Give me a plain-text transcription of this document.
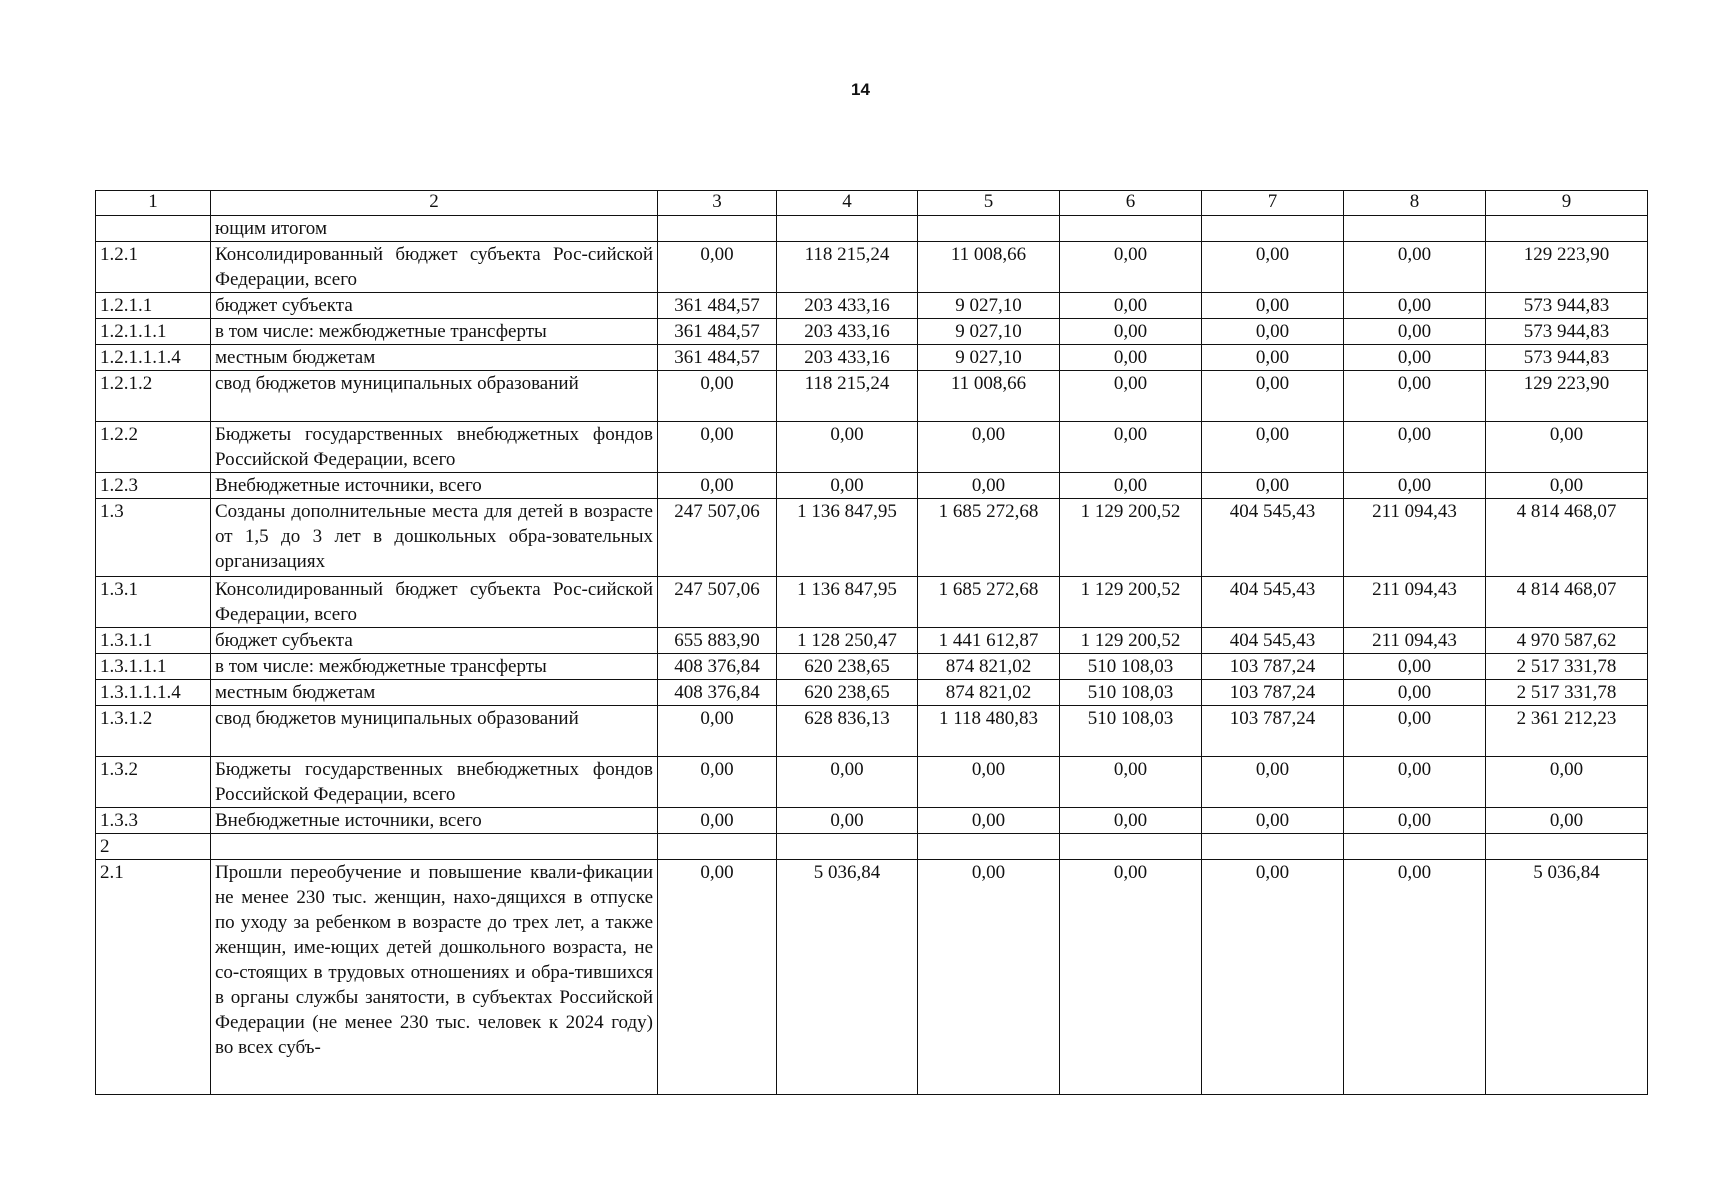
14
1	2	3	4	5	6	7	8	9
	ющим итогом							
1.2.1	Консолидированный бюджет субъекта Рос-сийской Федерации, всего	0,00	118 215,24	11 008,66	0,00	0,00	0,00	129 223,90
1.2.1.1	бюджет субъекта	361 484,57	203 433,16	9 027,10	0,00	0,00	0,00	573 944,83
1.2.1.1.1	в том числе: межбюджетные трансферты	361 484,57	203 433,16	9 027,10	0,00	0,00	0,00	573 944,83
1.2.1.1.1.4	местным бюджетам	361 484,57	203 433,16	9 027,10	0,00	0,00	0,00	573 944,83
1.2.1.2	свод бюджетов муниципальных образований	0,00	118 215,24	11 008,66	0,00	0,00	0,00	129 223,90
1.2.2	Бюджеты государственных внебюджетных фондов Российской Федерации, всего	0,00	0,00	0,00	0,00	0,00	0,00	0,00
1.2.3	Внебюджетные источники, всего	0,00	0,00	0,00	0,00	0,00	0,00	0,00
1.3	Созданы дополнительные места для детей в возрасте от 1,5 до 3 лет в дошкольных обра-зовательных организациях	247 507,06	1 136 847,95	1 685 272,68	1 129 200,52	404 545,43	211 094,43	4 814 468,07
1.3.1	Консолидированный бюджет субъекта Рос-сийской Федерации, всего	247 507,06	1 136 847,95	1 685 272,68	1 129 200,52	404 545,43	211 094,43	4 814 468,07
1.3.1.1	бюджет субъекта	655 883,90	1 128 250,47	1 441 612,87	1 129 200,52	404 545,43	211 094,43	4 970 587,62
1.3.1.1.1	в том числе: межбюджетные трансферты	408 376,84	620 238,65	874 821,02	510 108,03	103 787,24	0,00	2 517 331,78
1.3.1.1.1.4	местным бюджетам	408 376,84	620 238,65	874 821,02	510 108,03	103 787,24	0,00	2 517 331,78
1.3.1.2	свод бюджетов муниципальных образований	0,00	628 836,13	1 118 480,83	510 108,03	103 787,24	0,00	2 361 212,23
1.3.2	Бюджеты государственных внебюджетных фондов Российской Федерации, всего	0,00	0,00	0,00	0,00	0,00	0,00	0,00
1.3.3	Внебюджетные источники, всего	0,00	0,00	0,00	0,00	0,00	0,00	0,00
2								
2.1	Прошли переобучение и повышение квали-фикации не менее 230 тыс. женщин, нахо-дящихся в отпуске по уходу за ребенком в возрасте до трех лет, а также женщин, име-ющих детей дошкольного возраста, не со-стоящих в трудовых отношениях и обра-тившихся в органы службы занятости, в субъектах Российской Федерации (не менее 230 тыс. человек к 2024 году) во всех субъ-	0,00	5 036,84	0,00	0,00	0,00	0,00	5 036,84
